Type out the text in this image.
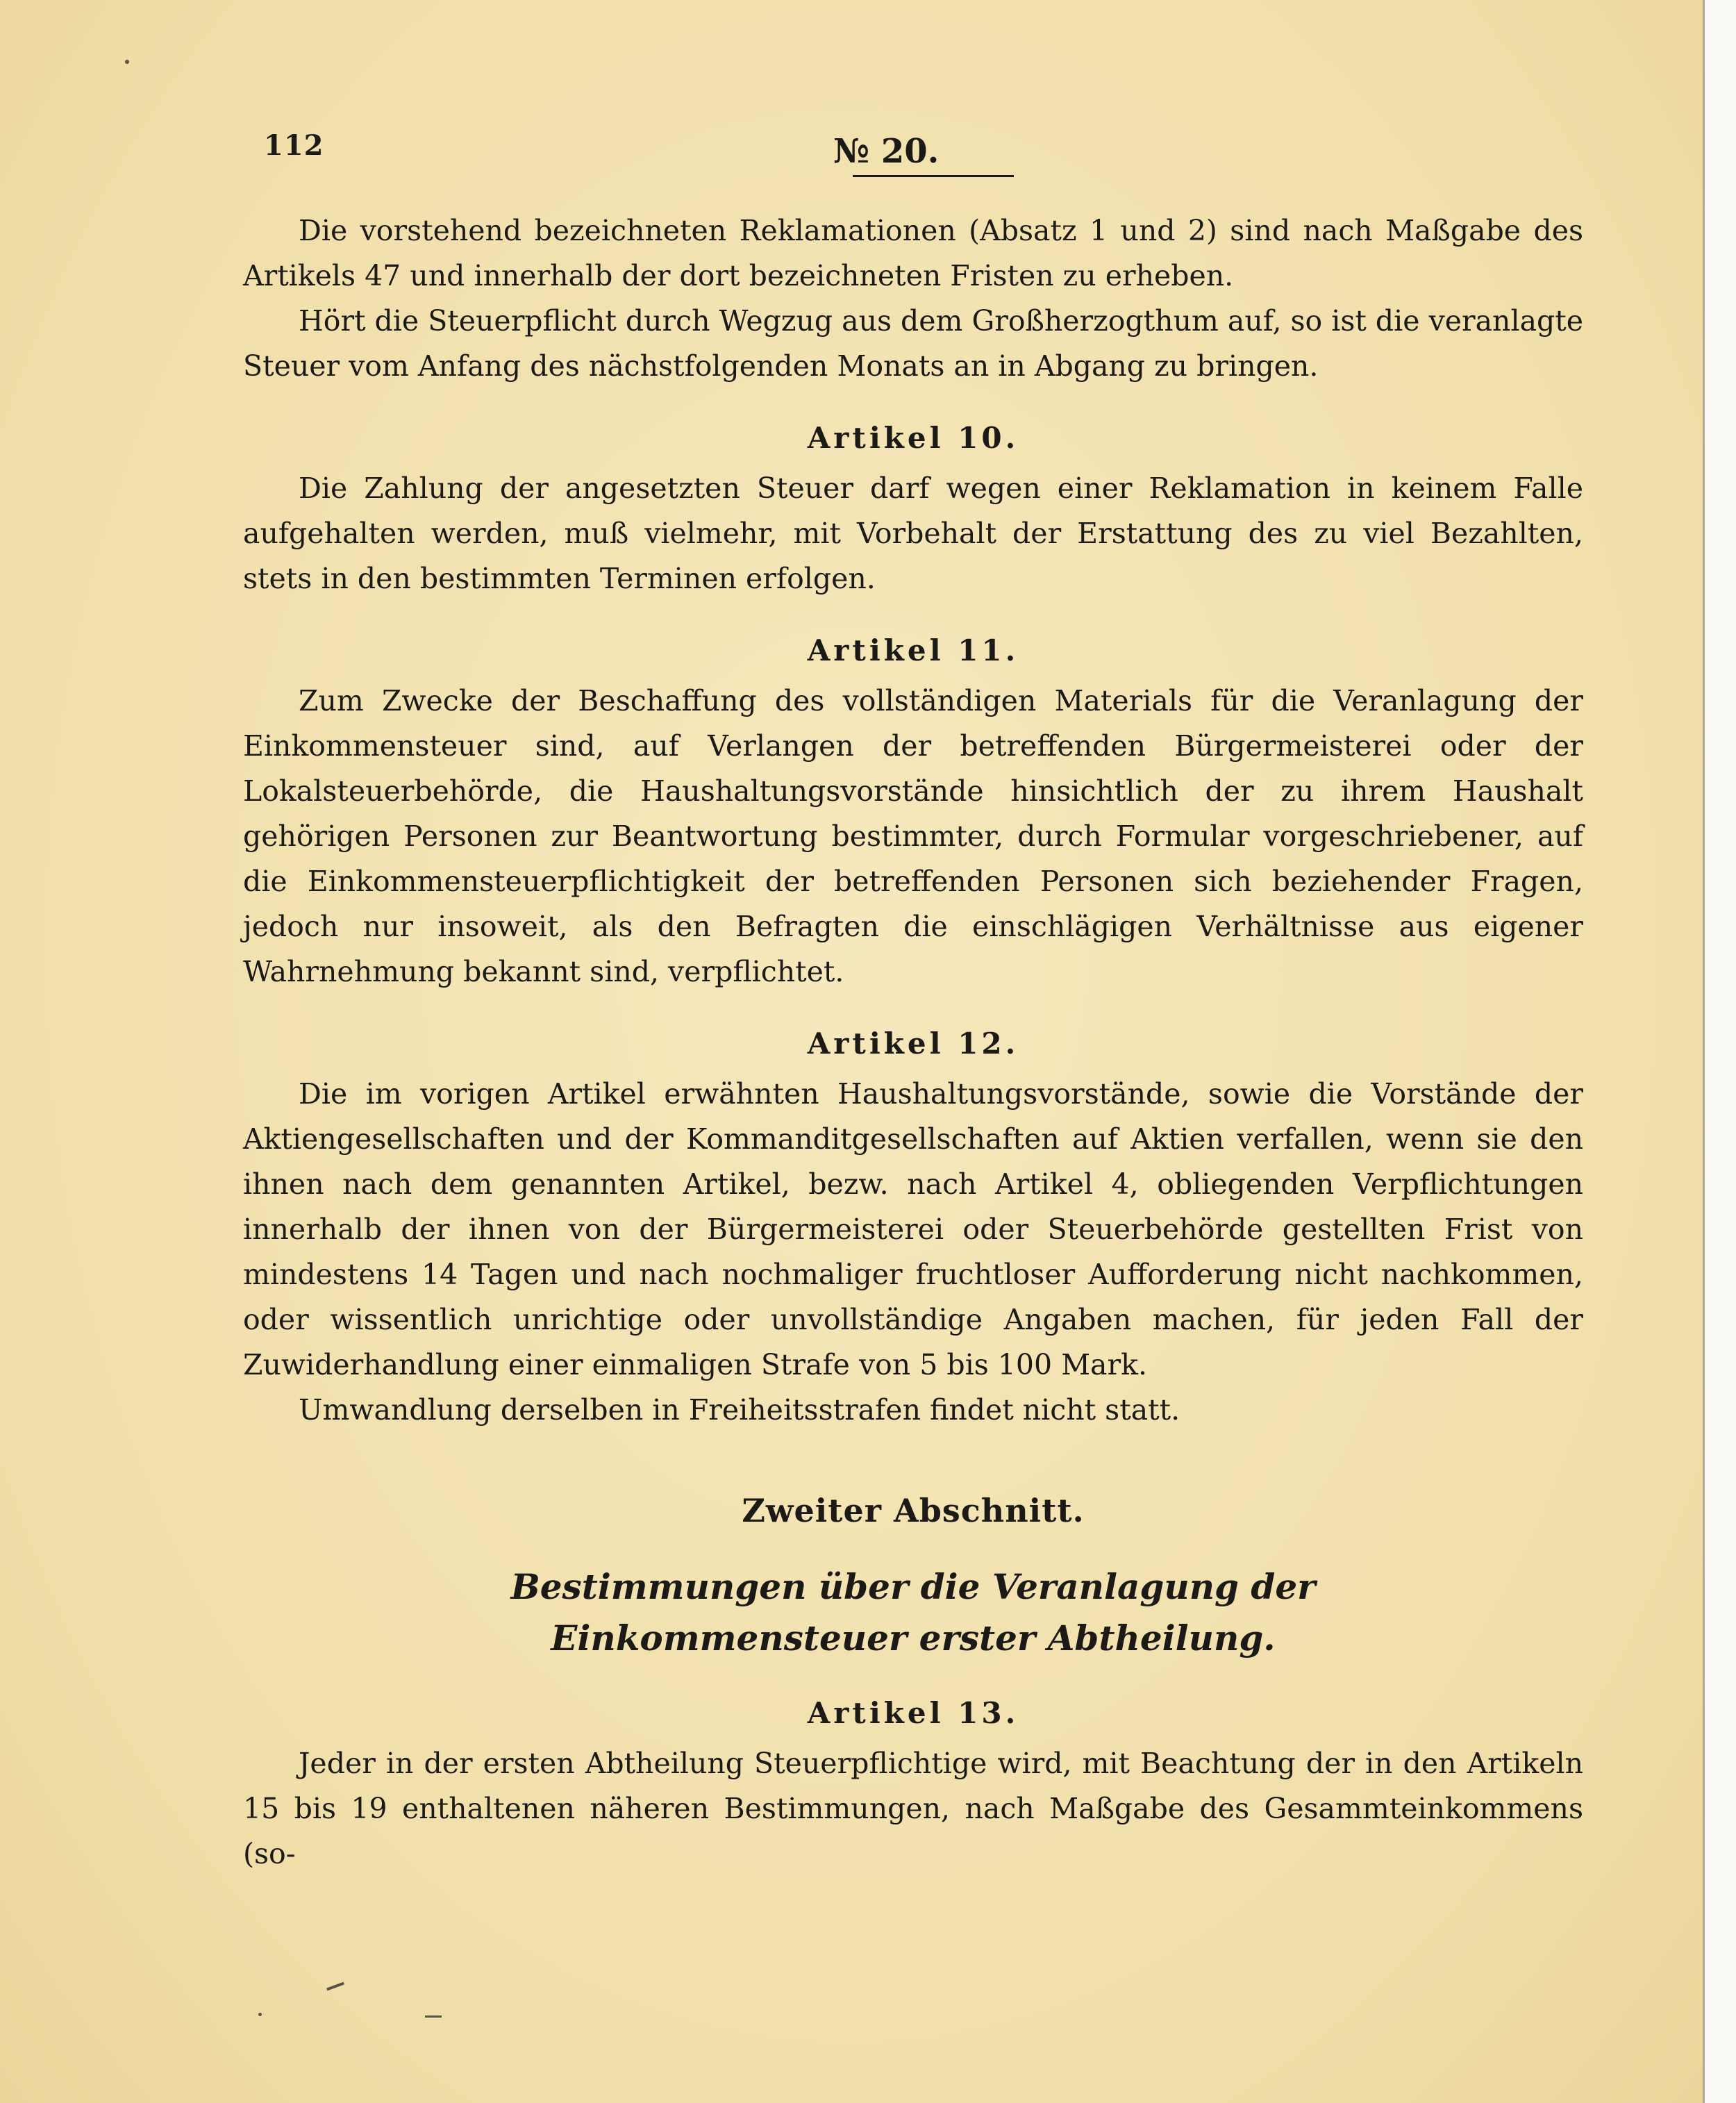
112	№ 20.

Die vorstehend bezeichneten Reklamationen (Absatz 1 und 2) sind nach Maßgabe des Artikels 47 und innerhalb der dort bezeichneten Fristen zu erheben.

Hört die Steuerpflicht durch Wegzug aus dem Großherzogthum auf, so ist die veranlagte Steuer vom Anfang des nächstfolgenden Monats an in Abgang zu bringen.

Artikel 10.

Die Zahlung der angesetzten Steuer darf wegen einer Reklamation in keinem Falle aufgehalten werden, muß vielmehr, mit Vorbehalt der Erstattung des zu viel Bezahlten, stets in den bestimmten Terminen erfolgen.

Artikel 11.

Zum Zwecke der Beschaffung des vollständigen Materials für die Veranlagung der Einkommensteuer sind, auf Verlangen der betreffenden Bürgermeisterei oder der Lokalsteuerbehörde, die Haushaltungsvorstände hinsichtlich der zu ihrem Haushalt gehörigen Personen zur Beantwortung bestimmter, durch Formular vorgeschriebener, auf die Einkommensteuerpflichtigkeit der betreffenden Personen sich beziehender Fragen, jedoch nur insoweit, als den Befragten die einschlägigen Verhältnisse aus eigener Wahrnehmung bekannt sind, verpflichtet.

Artikel 12.

Die im vorigen Artikel erwähnten Haushaltungsvorstände, sowie die Vorstände der Aktiengesellschaften und der Kommanditgesellschaften auf Aktien verfallen, wenn sie den ihnen nach dem genannten Artikel, bezw. nach Artikel 4, obliegenden Verpflichtungen innerhalb der ihnen von der Bürgermeisterei oder Steuerbehörde gestellten Frist von mindestens 14 Tagen und nach nochmaliger fruchtloser Aufforderung nicht nachkommen, oder wissentlich unrichtige oder unvollständige Angaben machen, für jeden Fall der Zuwiderhandlung einer einmaligen Strafe von 5 bis 100 Mark.

Umwandlung derselben in Freiheitsstrafen findet nicht statt.

Zweiter Abschnitt.
Bestimmungen über die Veranlagung der Einkommensteuer erster Abtheilung.
Artikel 13.

Jeder in der ersten Abtheilung Steuerpflichtige wird, mit Beachtung der in den Artikeln 15 bis 19 enthaltenen näheren Bestimmungen, nach Maßgabe des Gesammteinkommens (so-
